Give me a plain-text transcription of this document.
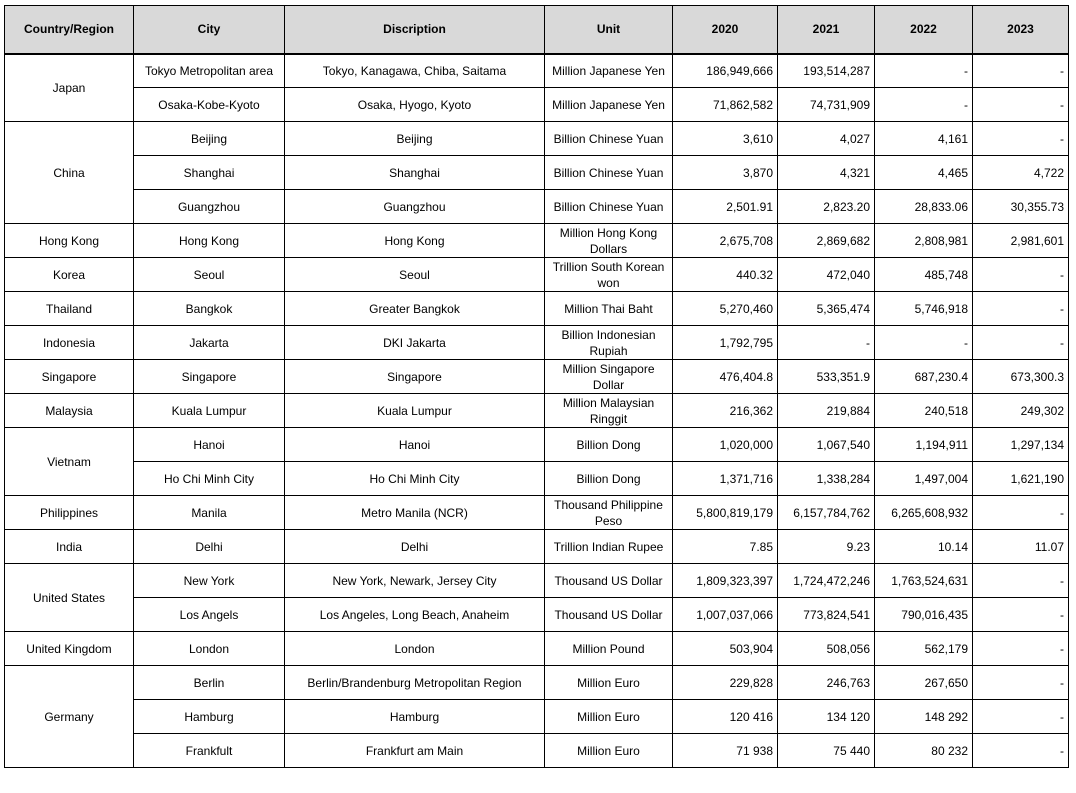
Country/Region	City	Discription	Unit	2020	2021	2022	2023
Japan	Tokyo Metropolitan area	Tokyo, Kanagawa, Chiba, Saitama	Million Japanese Yen	186,949,666	193,514,287	-	-
	Osaka-Kobe-Kyoto	Osaka, Hyogo, Kyoto	Million Japanese Yen	71,862,582	74,731,909	-	-
China	Beijing	Beijing	Billion Chinese Yuan	3,610	4,027	4,161	-
	Shanghai	Shanghai	Billion Chinese Yuan	3,870	4,321	4,465	4,722
	Guangzhou	Guangzhou	Billion Chinese Yuan	2,501.91	2,823.20	28,833.06	30,355.73
Hong Kong	Hong Kong	Hong Kong	Million Hong Kong Dollars	2,675,708	2,869,682	2,808,981	2,981,601
Korea	Seoul	Seoul	Trillion South Korean won	440.32	472,040	485,748	-
Thailand	Bangkok	Greater Bangkok	Million Thai Baht	5,270,460	5,365,474	5,746,918	-
Indonesia	Jakarta	DKI Jakarta	Billion Indonesian Rupiah	1,792,795	-	-	-
Singapore	Singapore	Singapore	Million Singapore Dollar	476,404.8	533,351.9	687,230.4	673,300.3
Malaysia	Kuala Lumpur	Kuala Lumpur	Million Malaysian Ringgit	216,362	219,884	240,518	249,302
Vietnam	Hanoi	Hanoi	Billion Dong	1,020,000	1,067,540	1,194,911	1,297,134
	Ho Chi Minh City	Ho Chi Minh City	Billion Dong	1,371,716	1,338,284	1,497,004	1,621,190
Philippines	Manila	Metro Manila (NCR)	Thousand Philippine Peso	5,800,819,179	6,157,784,762	6,265,608,932	-
India	Delhi	Delhi	Trillion Indian Rupee	7.85	9.23	10.14	11.07
United States	New York	New York, Newark, Jersey City	Thousand US Dollar	1,809,323,397	1,724,472,246	1,763,524,631	-
	Los Angels	Los Angeles, Long Beach, Anaheim	Thousand US Dollar	1,007,037,066	773,824,541	790,016,435	-
United Kingdom	London	London	Million Pound	503,904	508,056	562,179	-
Germany	Berlin	Berlin/Brandenburg Metropolitan Region	Million Euro	229,828	246,763	267,650	-
	Hamburg	Hamburg	Million Euro	120 416	134 120	148 292	-
	Frankfult	Frankfurt am Main	Million Euro	71 938	75 440	80 232	-
